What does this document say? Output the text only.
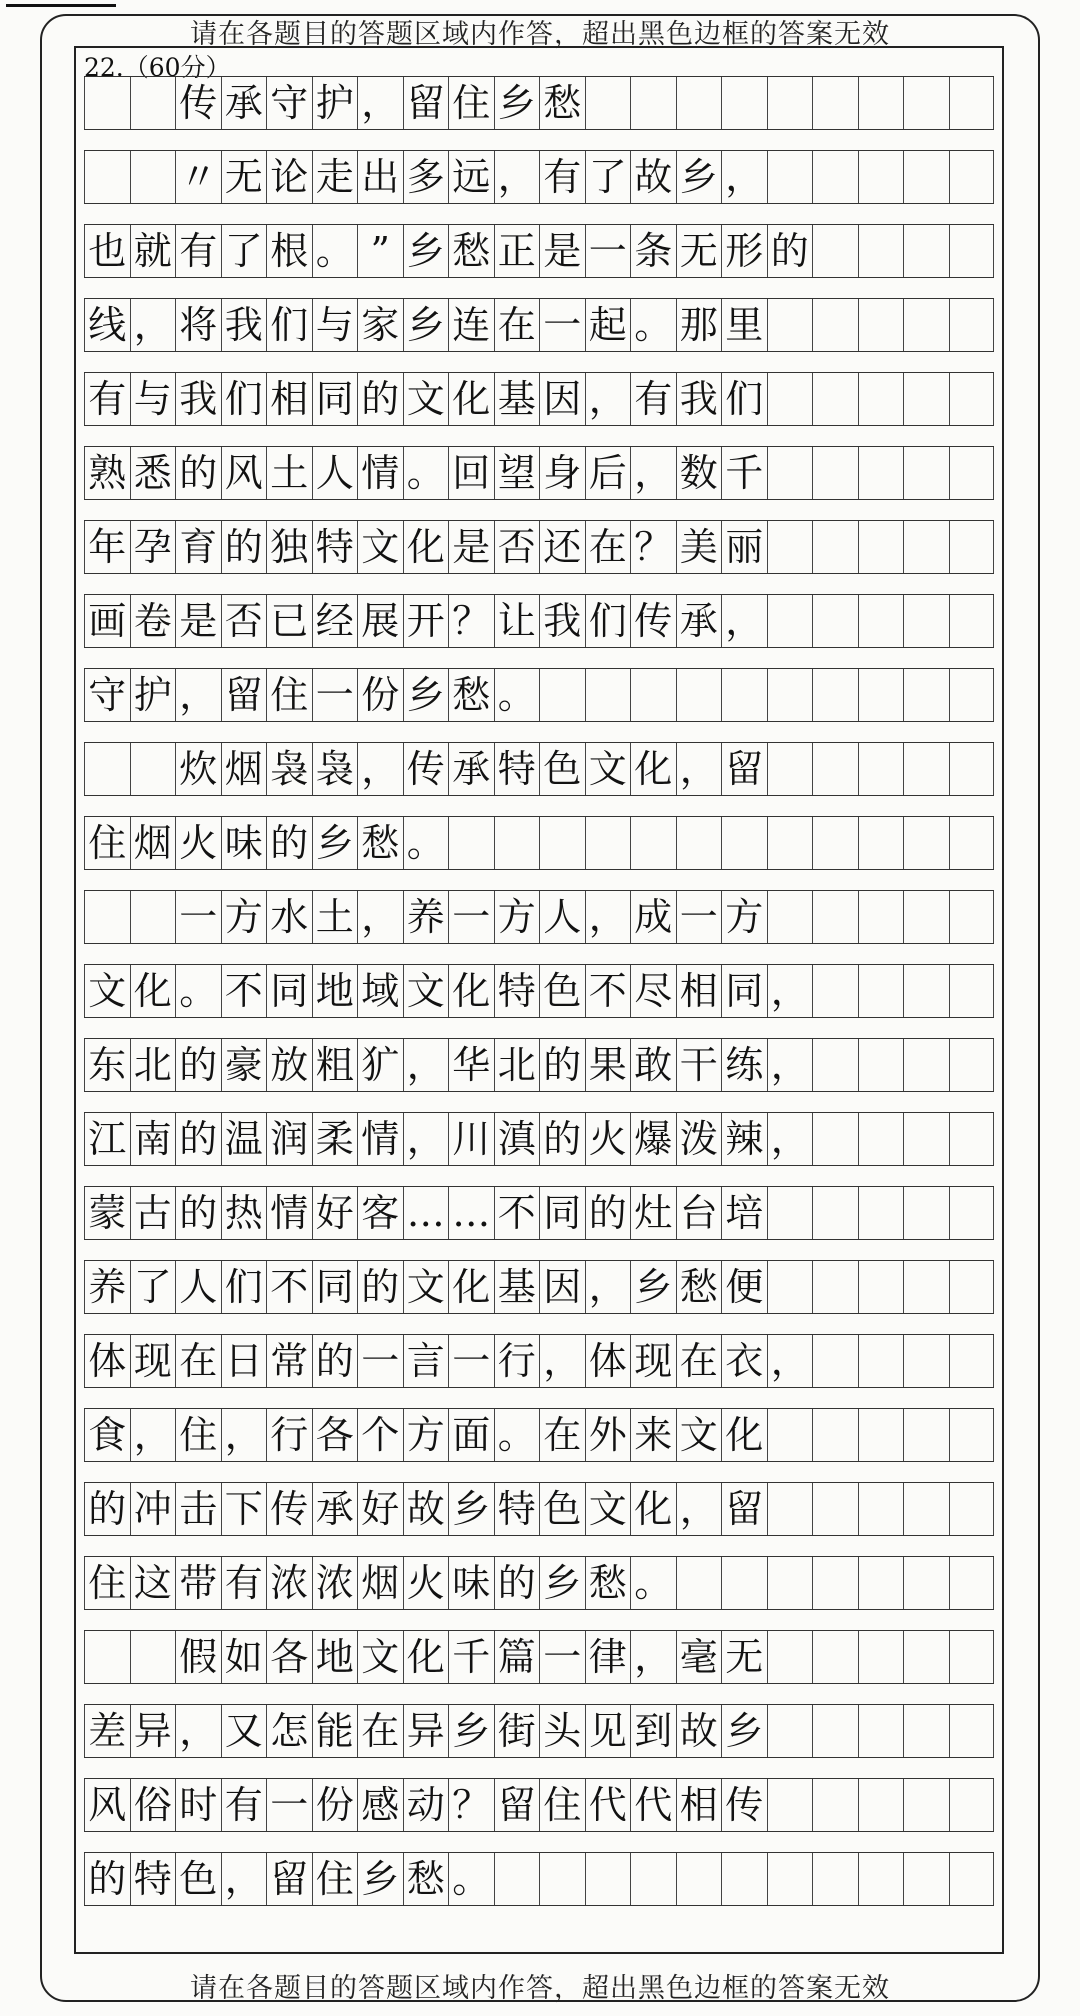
请在各题目的答题区域内作答，超出黑色边框的答案无效
22.（60分）
传 承 守 护 ， 留 住 乡 愁
〃 无 论 走 出 多 远 ， 有 了 故 乡 ，
也 就 有 了 根 。 ” 乡 愁 正 是 一 条 无 形 的
线 ， 将 我 们 与 家 乡 连 在 一 起 。 那 里
有 与 我 们 相 同 的 文 化 基 因 ， 有 我 们
熟 悉 的 风 土 人 情 。 回 望 身 后 ， 数 千
年 孕 育 的 独 特 文 化 是 否 还 在 ？ 美 丽
画 卷 是 否 已 经 展 开 ？ 让 我 们 传 承 ，
守 护 ， 留 住 一 份 乡 愁 。
炊 烟 袅 袅 ， 传 承 特 色 文 化 ， 留
住 烟 火 味 的 乡 愁 。
一 方 水 土 ， 养 一 方 人 ， 成 一 方
文 化 。 不 同 地 域 文 化 特 色 不 尽 相 同 ，
东 北 的 豪 放 粗 犷 ， 华 北 的 果 敢 干 练 ，
江 南 的 温 润 柔 情 ， 川 滇 的 火 爆 泼 辣 ，
蒙 古 的 热 情 好 客 … … 不 同 的 灶 台 培
养 了 人 们 不 同 的 文 化 基 因 ， 乡 愁 便
体 现 在 日 常 的 一 言 一 行 ， 体 现 在 衣 ，
食 ， 住 ， 行 各 个 方 面 。 在 外 来 文 化
的 冲 击 下 传 承 好 故 乡 特 色 文 化 ， 留
住 这 带 有 浓 浓 烟 火 味 的 乡 愁 。
假 如 各 地 文 化 千 篇 一 律 ， 毫 无
差 异 ， 又 怎 能 在 异 乡 街 头 见 到 故 乡
风 俗 时 有 一 份 感 动 ？ 留 住 代 代 相 传
的 特 色 ， 留 住 乡 愁 。
请在各题目的答题区域内作答，超出黑色边框的答案无效
